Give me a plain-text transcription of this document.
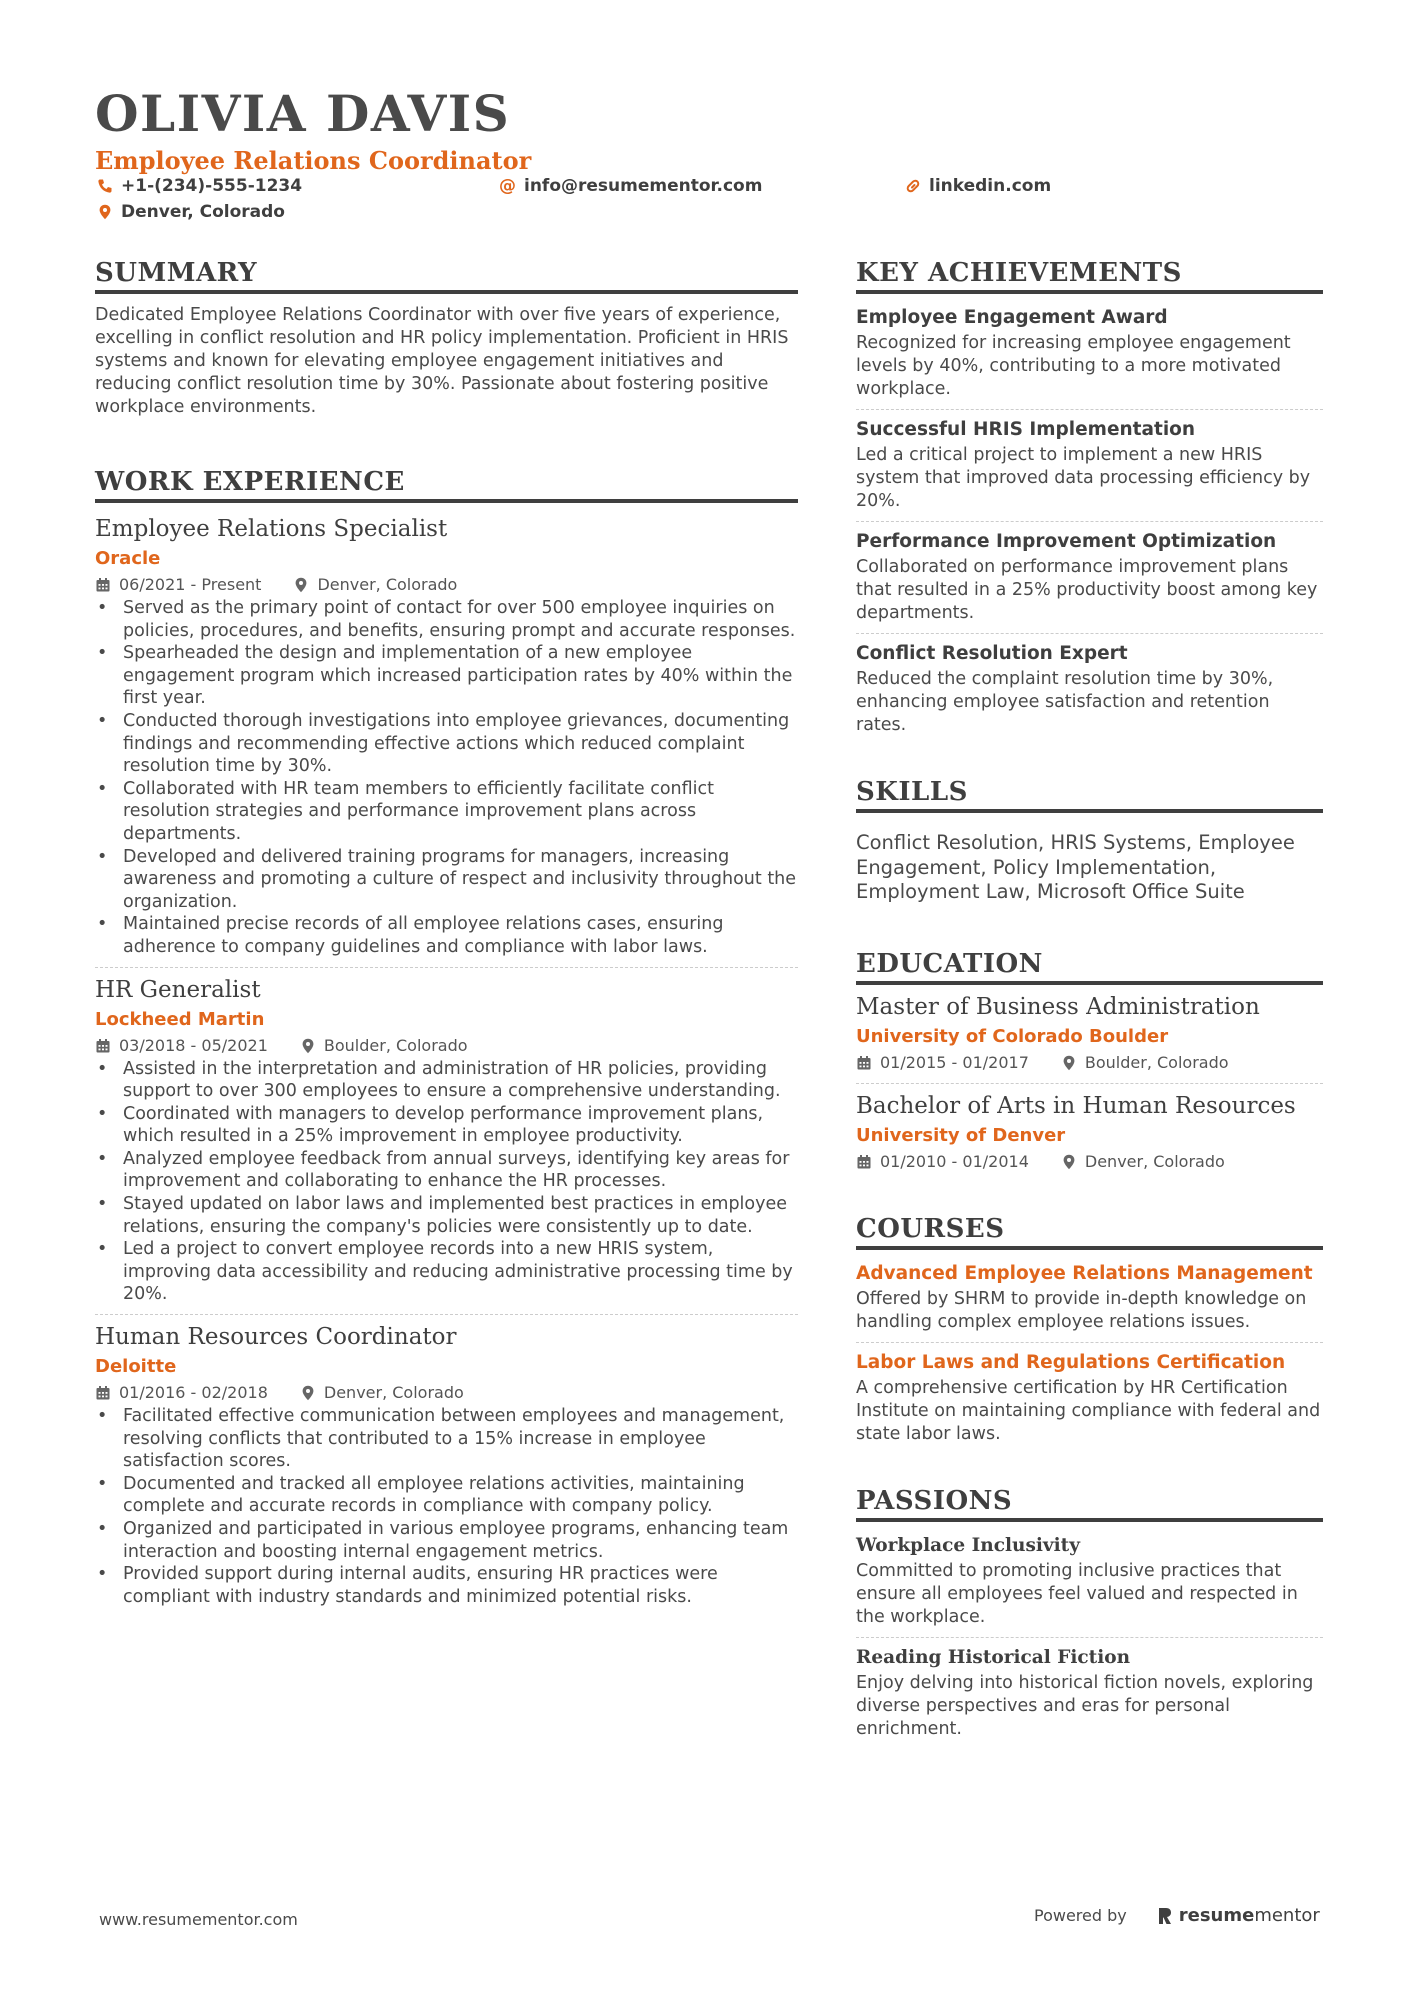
OLIVIA DAVIS
Employee Relations Coordinator
+1-(234)-555-1234	@ info@resumementor.com	linkedin.com
Denver, Colorado
SUMMARY
Dedicated Employee Relations Coordinator with over five years of experience, excelling in conflict resolution and HR policy implementation. Proficient in HRIS systems and known for elevating employee engagement initiatives and reducing conflict resolution time by 30%. Passionate about fostering positive workplace environments.
WORK EXPERIENCE
Employee Relations Specialist
Oracle
06/2021 - Present	Denver, Colorado
• Served as the primary point of contact for over 500 employee inquiries on policies, procedures, and benefits, ensuring prompt and accurate responses.
• Spearheaded the design and implementation of a new employee engagement program which increased participation rates by 40% within the first year.
• Conducted thorough investigations into employee grievances, documenting findings and recommending effective actions which reduced complaint resolution time by 30%.
• Collaborated with HR team members to efficiently facilitate conflict resolution strategies and performance improvement plans across departments.
• Developed and delivered training programs for managers, increasing awareness and promoting a culture of respect and inclusivity throughout the organization.
• Maintained precise records of all employee relations cases, ensuring adherence to company guidelines and compliance with labor laws.
HR Generalist
Lockheed Martin
03/2018 - 05/2021	Boulder, Colorado
• Assisted in the interpretation and administration of HR policies, providing support to over 300 employees to ensure a comprehensive understanding.
• Coordinated with managers to develop performance improvement plans, which resulted in a 25% improvement in employee productivity.
• Analyzed employee feedback from annual surveys, identifying key areas for improvement and collaborating to enhance the HR processes.
• Stayed updated on labor laws and implemented best practices in employee relations, ensuring the company's policies were consistently up to date.
• Led a project to convert employee records into a new HRIS system, improving data accessibility and reducing administrative processing time by 20%.
Human Resources Coordinator
Deloitte
01/2016 - 02/2018	Denver, Colorado
• Facilitated effective communication between employees and management, resolving conflicts that contributed to a 15% increase in employee satisfaction scores.
• Documented and tracked all employee relations activities, maintaining complete and accurate records in compliance with company policy.
• Organized and participated in various employee programs, enhancing team interaction and boosting internal engagement metrics.
• Provided support during internal audits, ensuring HR practices were compliant with industry standards and minimized potential risks.
KEY ACHIEVEMENTS
Employee Engagement Award
Recognized for increasing employee engagement levels by 40%, contributing to a more motivated workplace.
Successful HRIS Implementation
Led a critical project to implement a new HRIS system that improved data processing efficiency by 20%.
Performance Improvement Optimization
Collaborated on performance improvement plans that resulted in a 25% productivity boost among key departments.
Conflict Resolution Expert
Reduced the complaint resolution time by 30%, enhancing employee satisfaction and retention rates.
SKILLS
Conflict Resolution, HRIS Systems, Employee Engagement, Policy Implementation, Employment Law, Microsoft Office Suite
EDUCATION
Master of Business Administration
University of Colorado Boulder
01/2015 - 01/2017	Boulder, Colorado
Bachelor of Arts in Human Resources
University of Denver
01/2010 - 01/2014	Denver, Colorado
COURSES
Advanced Employee Relations Management
Offered by SHRM to provide in-depth knowledge on handling complex employee relations issues.
Labor Laws and Regulations Certification
A comprehensive certification by HR Certification Institute on maintaining compliance with federal and state labor laws.
PASSIONS
Workplace Inclusivity
Committed to promoting inclusive practices that ensure all employees feel valued and respected in the workplace.
Reading Historical Fiction
Enjoy delving into historical fiction novels, exploring diverse perspectives and eras for personal enrichment.
www.resumementor.com	Powered by	resume mentor
